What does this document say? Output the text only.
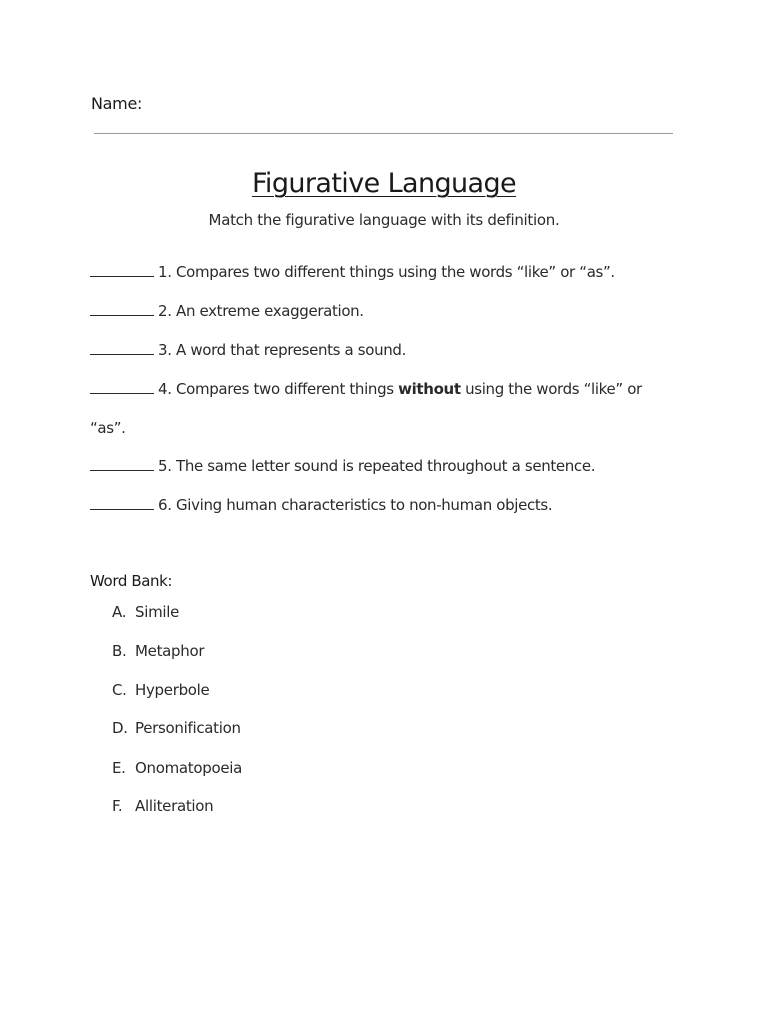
Name:
Figurative Language
Match the figurative language with its definition.
1. Compares two different things using the words “like” or “as”.
2. An extreme exaggeration.
3. A word that represents a sound.
4. Compares two different things without using the words “like” or
“as”.
5. The same letter sound is repeated throughout a sentence.
6. Giving human characteristics to non-human objects.
Word Bank:
A. Simile
B. Metaphor
C. Hyperbole
D. Personification
E. Onomatopoeia
F. Alliteration
